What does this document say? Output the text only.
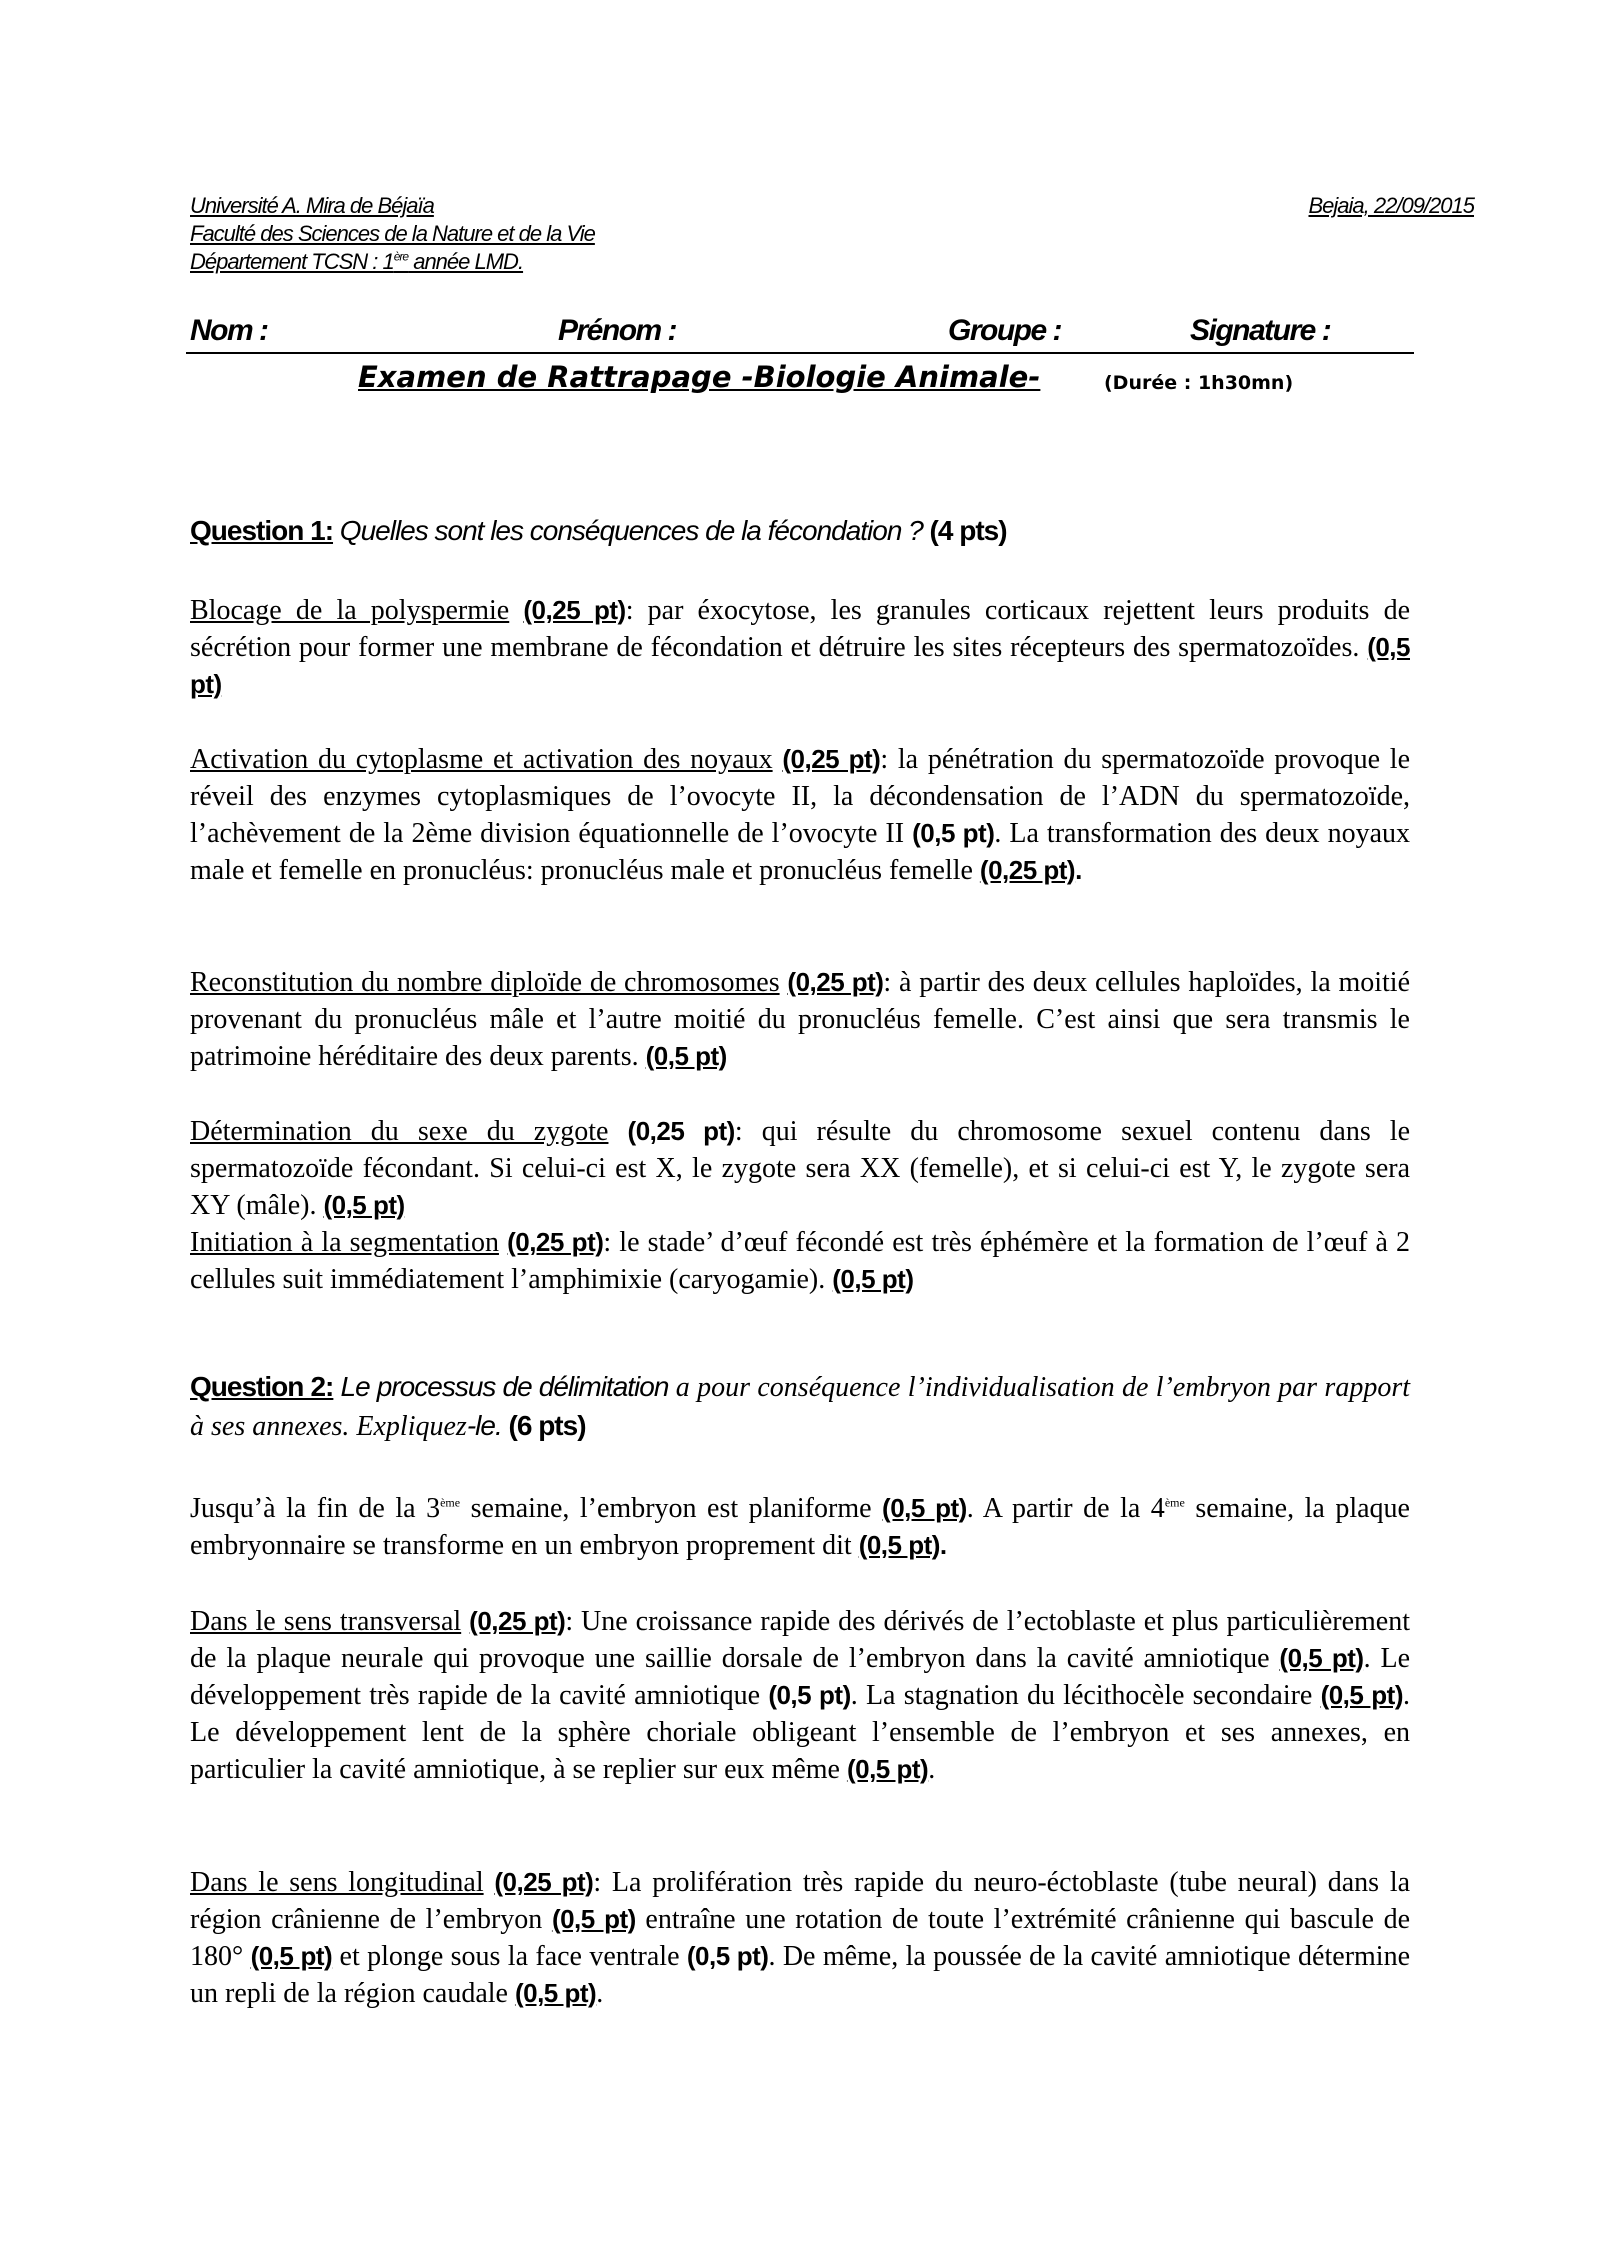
Université A. Mira de Béjaïa
Faculté des Sciences de la Nature et de la Vie
Département TCSN : 1ère année LMD.
Bejaia, 22/09/2015
Nom :	Prénom :	Groupe :	Signature :
Examen de Rattrapage -Biologie Animale-	(Durée : 1h30mn)
Question 1: Quelles sont les conséquences de la fécondation ? (4 pts)
Blocage de la polyspermie (0,25 pt): par éxocytose, les granules corticaux rejettent leurs produits de sécrétion pour former une membrane de fécondation et détruire les sites récepteurs des spermatozoïdes. (0,5 pt)
Activation du cytoplasme et activation des noyaux (0,25 pt): la pénétration du spermatozoïde provoque le réveil des enzymes cytoplasmiques de l’ovocyte II, la décondensation de l’ADN du spermatozoïde, l’achèvement de la 2ème division équationnelle de l’ovocyte II (0,5 pt). La transformation des deux noyaux male et femelle en pronucléus: pronucléus male et pronucléus femelle (0,25 pt).
Reconstitution du nombre diploïde de chromosomes (0,25 pt): à partir des deux cellules haploïdes, la moitié provenant du pronucléus mâle et l’autre moitié du pronucléus femelle. C’est ainsi que sera transmis le patrimoine héréditaire des deux parents. (0,5 pt)
Détermination du sexe du zygote (0,25 pt): qui résulte du chromosome sexuel contenu dans le spermatozoïde fécondant. Si celui-ci est X, le zygote sera XX (femelle), et si celui-ci est Y, le zygote sera XY (mâle). (0,5 pt)
Initiation à la segmentation (0,25 pt): le stade’ d’œuf fécondé est très éphémère et la formation de l’œuf à 2 cellules suit immédiatement l’amphimixie (caryogamie). (0,5 pt)
Question 2: Le processus de délimitation a pour conséquence l’individualisation de l’embryon par rapport à ses annexes. Expliquez-le. (6 pts)
Jusqu’à la fin de la 3ème semaine, l’embryon est planiforme (0,5 pt). A partir de la 4ème semaine, la plaque embryonnaire se transforme en un embryon proprement dit (0,5 pt).
Dans le sens transversal (0,25 pt): Une croissance rapide des dérivés de l’ectoblaste et plus particulièrement de la plaque neurale qui provoque une saillie dorsale de l’embryon dans la cavité amniotique (0,5 pt). Le développement très rapide de la cavité amniotique (0,5 pt). La stagnation du lécithocèle secondaire (0,5 pt). Le développement lent de la sphère choriale obligeant l’ensemble de l’embryon et ses annexes, en particulier la cavité amniotique, à se replier sur eux même (0,5 pt).
Dans le sens longitudinal (0,25 pt): La prolifération très rapide du neuro-éctoblaste (tube neural) dans la région crânienne de l’embryon (0,5 pt) entraîne une rotation de toute l’extrémité crânienne qui bascule de 180° (0,5 pt) et plonge sous la face ventrale (0,5 pt). De même, la poussée de la cavité amniotique détermine un repli de la région caudale (0,5 pt).
